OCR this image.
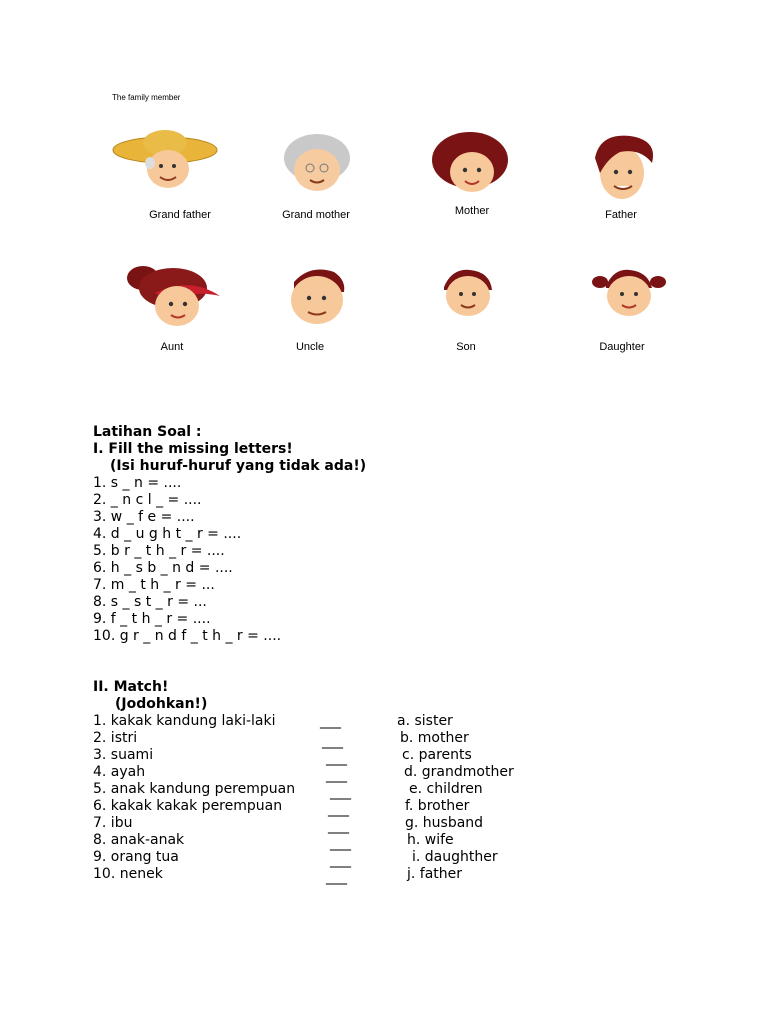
The family member
Grand father	Grand mother	Mother	Father
Aunt	Uncle	Son	Daughter
Latihan Soal :
I. Fill the missing letters!
(Isi huruf-huruf yang tidak ada!)
1. s _ n = ....
2. _ n c l _ = ....
3. w _ f e = ....
4. d _ u g h t _ r = ....
5. b r _ t h _ r = ....
6. h _ s b _ n d = ....
7. m _ t h _ r = ...
8. s _ s t _ r = ...
9. f _ t h _ r = ....
10. g r _ n d f _ t h _ r = ....
II. Match!
(Jodohkan!)
1. kakak kandung laki-laki	___	a. sister
2. istri	___	b. mother
3. suami	___	c. parents
4. ayah	___	d. grandmother
5. anak kandung perempuan ___	e. children
6. kakak kakak perempuan	___	f. brother
7. ibu	___	g. husband
8. anak-anak	___	h. wife
9. orang tua	___	i. daughther
10. nenek	___	j. father
